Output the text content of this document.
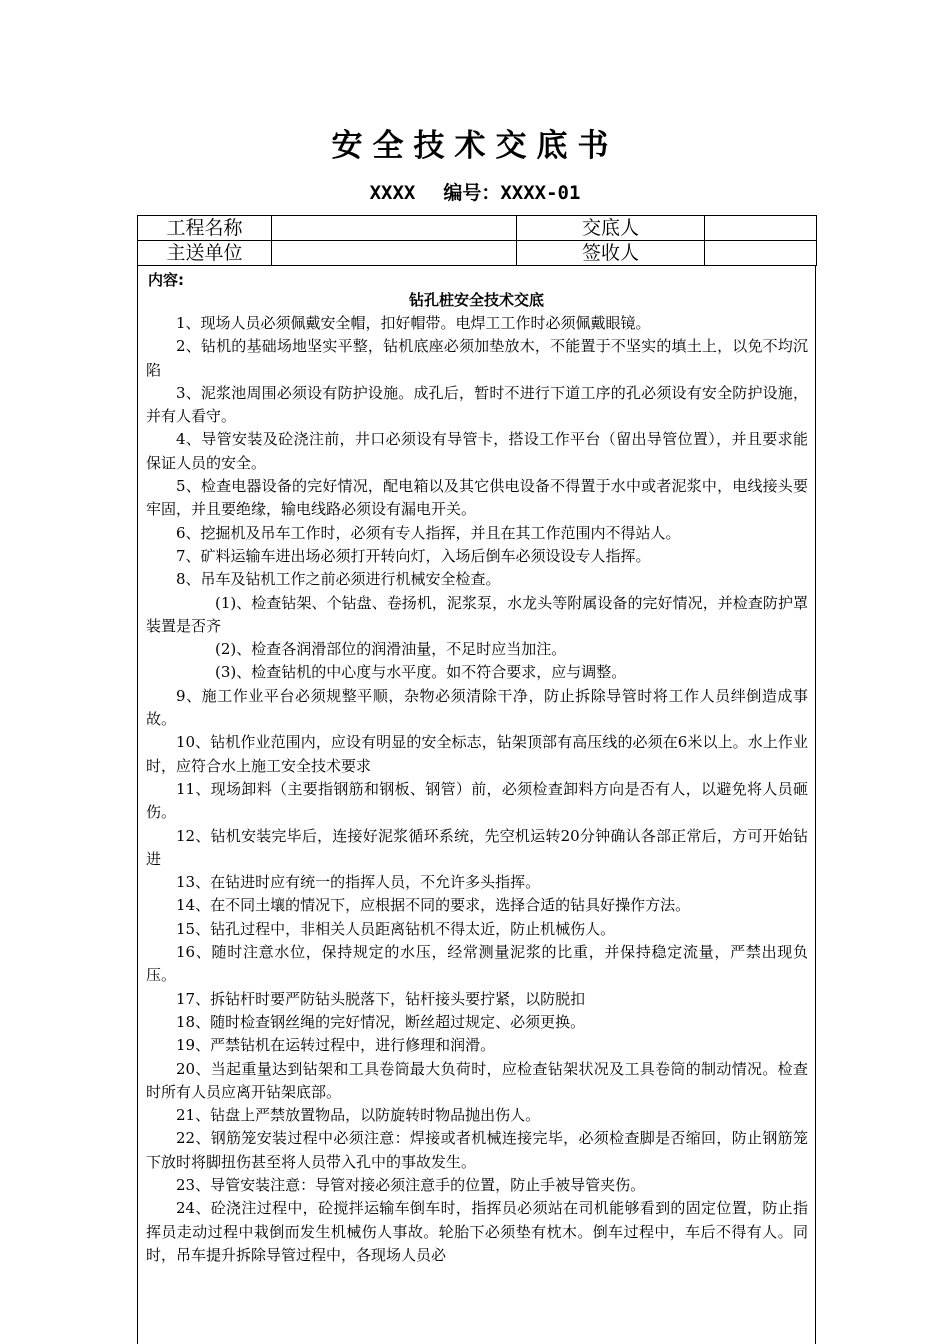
安全技术交底书
XXXX 编号：XXXX-01
工程名称		交底人	
主送单位		签收人	
内容:
钻孔桩安全技术交底

1、现场人员必须佩戴安全帽，扣好帽带。电焊工工作时必须佩戴眼镜。

2、钻机的基础场地坚实平整，钻机底座必须加垫放木，不能置于不坚实的填土上，以免不均沉陷

3、泥浆池周围必须设有防护设施。成孔后，暂时不进行下道工序的孔必须设有安全防护设施，并有人看守。

4、导管安装及砼浇注前，井口必须设有导管卡，搭设工作平台（留出导管位置），并且要求能保证人员的安全。

5、检查电器设备的完好情况，配电箱以及其它供电设备不得置于水中或者泥浆中，电线接头要牢固，并且要绝缘，输电线路必须设有漏电开关。

6、挖掘机及吊车工作时，必须有专人指挥，并且在其工作范围内不得站人。

7、矿料运输车进出场必须打开转向灯，入场后倒车必须设设专人指挥。

8、吊车及钻机工作之前必须进行机械安全检查。

(1)、检查钻架、个钻盘、卷扬机，泥浆泵，水龙头等附属设备的完好情况，并检查防护罩装置是否齐

(2)、检查各润滑部位的润滑油量，不足时应当加注。

(3)、检查钻机的中心度与水平度。如不符合要求，应与调整。

9、施工作业平台必须规整平顺，杂物必须清除干净，防止拆除导管时将工作人员绊倒造成事故。

10、钻机作业范围内，应设有明显的安全标志，钻架顶部有高压线的必须在6米以上。水上作业时，应符合水上施工安全技术要求

11、现场卸料（主要指钢筋和钢板、钢管）前，必须检查卸料方向是否有人，以避免将人员砸伤。

12、钻机安装完毕后，连接好泥浆循环系统，先空机运转20分钟确认各部正常后，方可开始钻进

13、在钻进时应有统一的指挥人员，不允许多头指挥。

14、在不同土壤的情况下，应根据不同的要求，选择合适的钻具好操作方法。

15、钻孔过程中，非相关人员距离钻机不得太近，防止机械伤人。

16、随时注意水位，保持规定的水压，经常测量泥浆的比重，并保持稳定流量，严禁出现负压。

17、拆钻杆时要严防钻头脱落下，钻杆接头要拧紧，以防脱扣

18、随时检查钢丝绳的完好情况，断丝超过规定、必须更换。

19、严禁钻机在运转过程中，进行修理和润滑。

20、当起重量达到钻架和工具卷筒最大负荷时，应检查钻架状况及工具卷筒的制动情况。检查时所有人员应离开钻架底部。

21、钻盘上严禁放置物品，以防旋转时物品抛出伤人。

22、钢筋笼安装过程中必须注意：焊接或者机械连接完毕，必须检查脚是否缩回，防止钢筋笼下放时将脚扭伤甚至将人员带入孔中的事故发生。

23、导管安装注意：导管对接必须注意手的位置，防止手被导管夹伤。

24、砼浇注过程中，砼搅拌运输车倒车时，指挥员必须站在司机能够看到的固定位置，防止指挥员走动过程中栽倒而发生机械伤人事故。轮胎下必须垫有枕木。倒车过程中，车后不得有人。同时，吊车提升拆除导管过程中，各现场人员必
